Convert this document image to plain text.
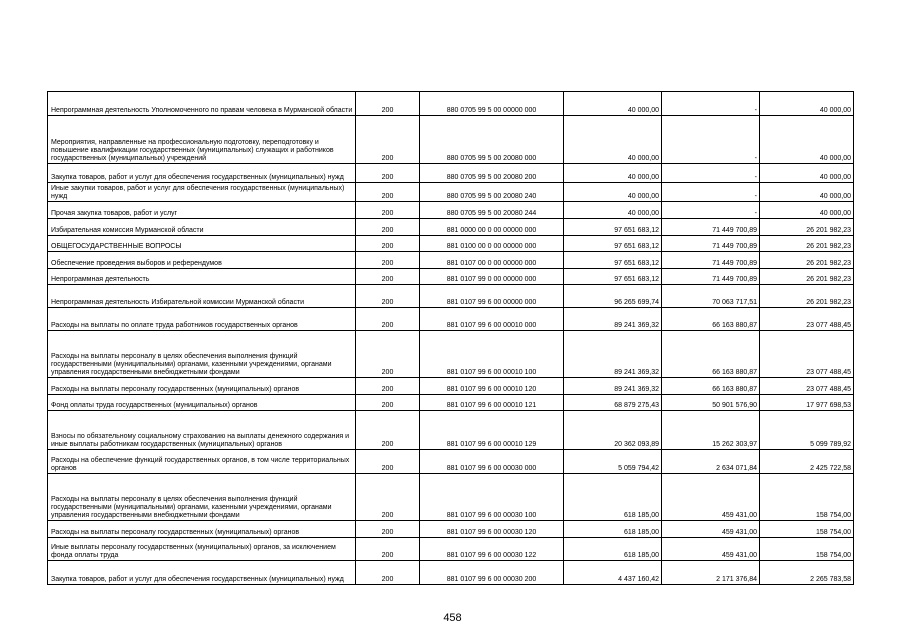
Непрограммная деятельность Уполномоченного по правам человека в Мурманской области	200	880 0705 99 5 00 00000 000	40 000,00	-	40 000,00
Мероприятия, направленные на профессиональную подготовку, переподготовку и повышение квалификации государственных (муниципальных) служащих и работников государственных (муниципальных) учреждений	200	880 0705 99 5 00 20080 000	40 000,00	-	40 000,00
Закупка товаров, работ и услуг для обеспечения государственных (муниципальных) нужд	200	880 0705 99 5 00 20080 200	40 000,00	-	40 000,00
Иные закупки товаров, работ и услуг для обеспечения государственных (муниципальных) нужд	200	880 0705 99 5 00 20080 240	40 000,00	-	40 000,00
Прочая закупка товаров, работ и услуг	200	880 0705 99 5 00 20080 244	40 000,00	-	40 000,00
Избирательная комиссия Мурманской области	200	881 0000 00 0 00 00000 000	97 651 683,12	71 449 700,89	26 201 982,23
ОБЩЕГОСУДАРСТВЕННЫЕ ВОПРОСЫ	200	881 0100 00 0 00 00000 000	97 651 683,12	71 449 700,89	26 201 982,23
Обеспечение проведения выборов и референдумов	200	881 0107 00 0 00 00000 000	97 651 683,12	71 449 700,89	26 201 982,23
Непрограммная деятельность	200	881 0107 99 0 00 00000 000	97 651 683,12	71 449 700,89	26 201 982,23
Непрограммная деятельность Избирательной комиссии Мурманской области	200	881 0107 99 6 00 00000 000	96 265 699,74	70 063 717,51	26 201 982,23
Расходы на выплаты по оплате труда работников государственных органов	200	881 0107 99 6 00 00010 000	89 241 369,32	66 163 880,87	23 077 488,45
Расходы на выплаты персоналу в целях обеспечения выполнения функций государственными (муниципальными) органами, казенными учреждениями, органами управления государственными внебюджетными фондами	200	881 0107 99 6 00 00010 100	89 241 369,32	66 163 880,87	23 077 488,45
Расходы на выплаты персоналу государственных (муниципальных) органов	200	881 0107 99 6 00 00010 120	89 241 369,32	66 163 880,87	23 077 488,45
Фонд оплаты труда государственных (муниципальных) органов	200	881 0107 99 6 00 00010 121	68 879 275,43	50 901 576,90	17 977 698,53
Взносы по обязательному социальному страхованию на выплаты денежного содержания и иные выплаты работникам государственных (муниципальных) органов	200	881 0107 99 6 00 00010 129	20 362 093,89	15 262 303,97	5 099 789,92
Расходы на обеспечение функций государственных органов, в том числе территориальных органов	200	881 0107 99 6 00 00030 000	5 059 794,42	2 634 071,84	2 425 722,58
Расходы на выплаты персоналу в целях обеспечения выполнения функций государственными (муниципальными) органами, казенными учреждениями, органами управления государственными внебюджетными фондами	200	881 0107 99 6 00 00030 100	618 185,00	459 431,00	158 754,00
Расходы на выплаты персоналу государственных (муниципальных) органов	200	881 0107 99 6 00 00030 120	618 185,00	459 431,00	158 754,00
Иные выплаты персоналу государственных (муниципальных) органов, за исключением фонда оплаты труда	200	881 0107 99 6 00 00030 122	618 185,00	459 431,00	158 754,00
Закупка товаров, работ и услуг для обеспечения государственных (муниципальных) нужд	200	881 0107 99 6 00 00030 200	4 437 160,42	2 171 376,84	2 265 783,58
458
